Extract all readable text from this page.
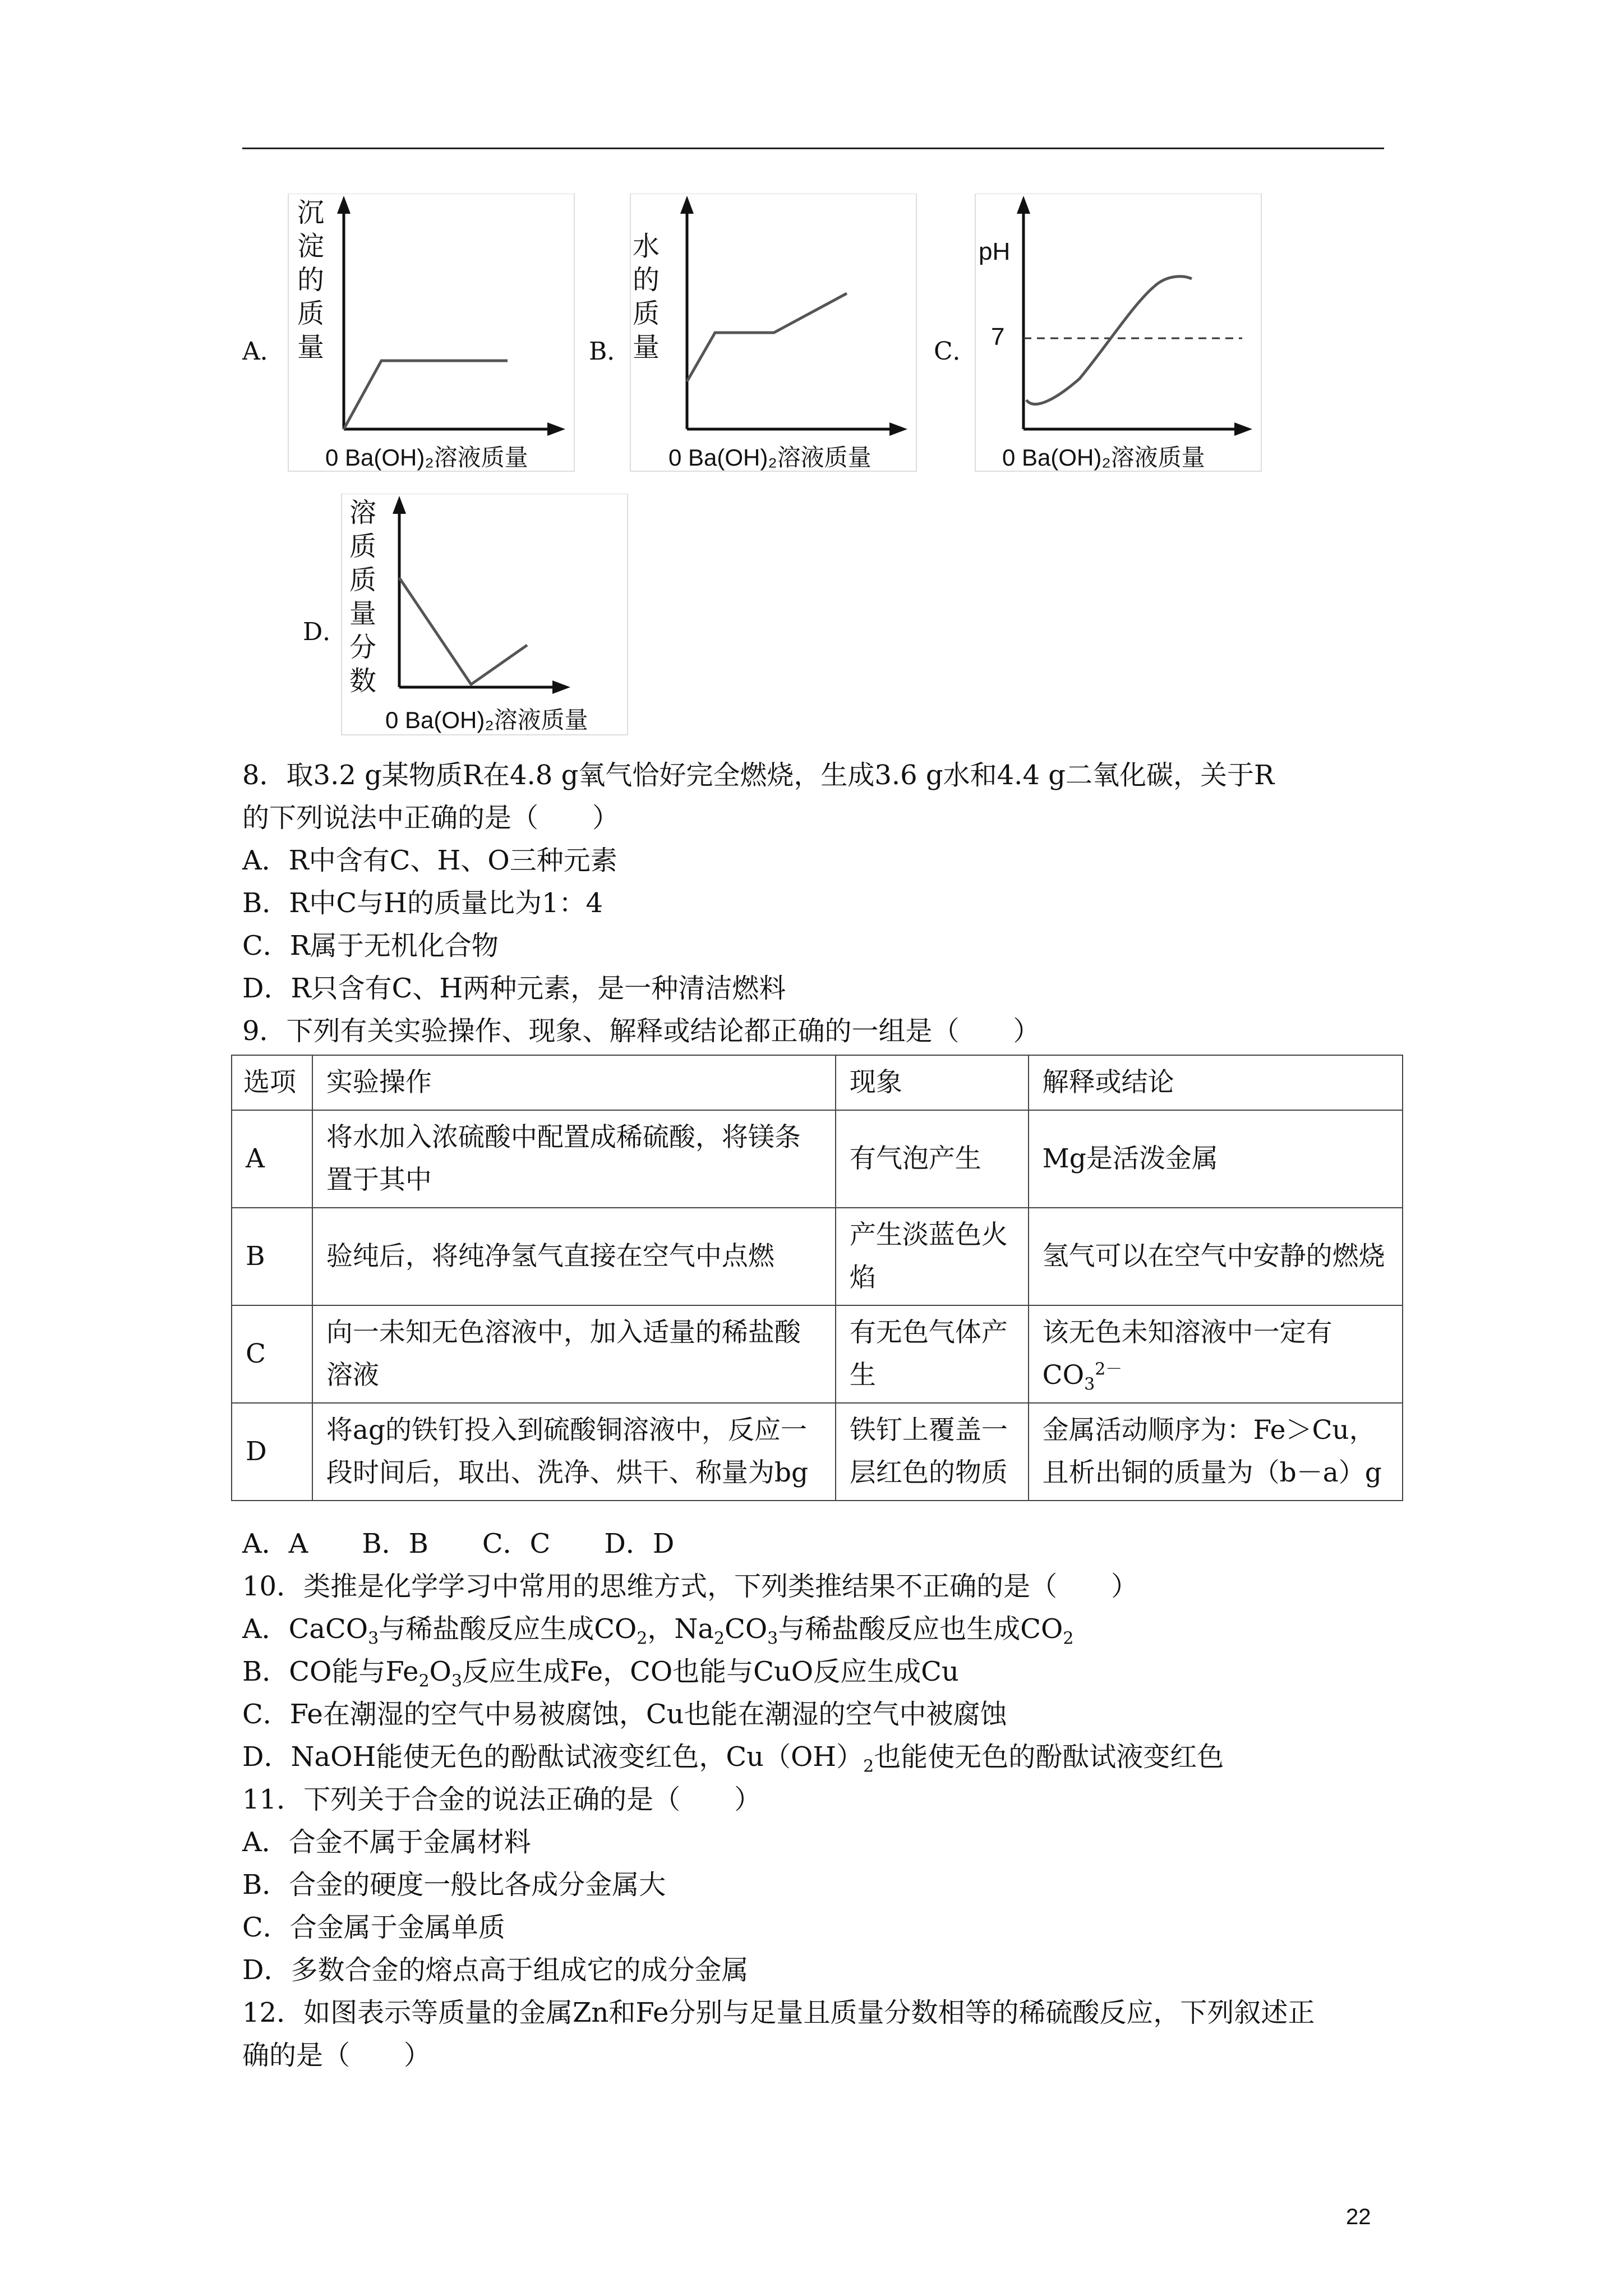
A．
沉
淀
的
质
量
0 Ba(OH)₂溶液质量
B．
水
的
质
量
0 Ba(OH)₂溶液质量
C．
pH
7
0 Ba(OH)₂溶液质量
D．
溶
质
质
量
分
数
0 Ba(OH)₂溶液质量
8．取3.2 g某物质R在4.8 g氧气恰好完全燃烧，生成3.6 g水和4.4 g二氧化碳，关于R
的下列说法中正确的是（　　）
A．R中含有C、H、O三种元素
B．R中C与H的质量比为1：4
C．R属于无机化合物
D．R只含有C、H两种元素，是一种清洁燃料
9．下列有关实验操作、现象、解释或结论都正确的一组是（　　）
选项	实验操作	现象	解释或结论
A	将水加入浓硫酸中配置成稀硫酸，将镁条置于其中	有气泡产生	Mg是活泼金属
B	验纯后，将纯净氢气直接在空气中点燃	产生淡蓝色火焰	氢气可以在空气中安静的燃烧
C	向一未知无色溶液中，加入适量的稀盐酸溶液	有无色气体产生	该无色未知溶液中一定有
$CO_3^{2-}$
D	将ag的铁钉投入到硫酸铜溶液中，反应一段时间后，取出、洗净、烘干、称量为bg	铁钉上覆盖一层红色的物质	金属活动顺序为：Fe＞Cu，且析出铜的质量为（b－a）g
A．A　　B．B　　C．C　　D．D
10．类推是化学学习中常用的思维方式，下列类推结果不正确的是（　　）
A．CaCO$_3$与稀盐酸反应生成$CO_2$，$Na_2CO_3$与稀盐酸反应也生成$CO_2$
B．CO能与$Fe_2O_3$反应生成Fe，CO也能与CuO反应生成Cu
C．Fe在潮湿的空气中易被腐蚀，Cu也能在潮湿的空气中被腐蚀
D．NaOH能使无色的酚酞试液变红色，$Cu(OH)_2$也能使无色的酚酞试液变红色
11．下列关于合金的说法正确的是（　　）
A．合金不属于金属材料
B．合金的硬度一般比各成分金属大
C．合金属于金属单质
D．多数合金的熔点高于组成它的成分金属
12．如图表示等质量的金属Zn和Fe分别与足量且质量分数相等的稀硫酸反应，下列叙述正
确的是（　　）
22
